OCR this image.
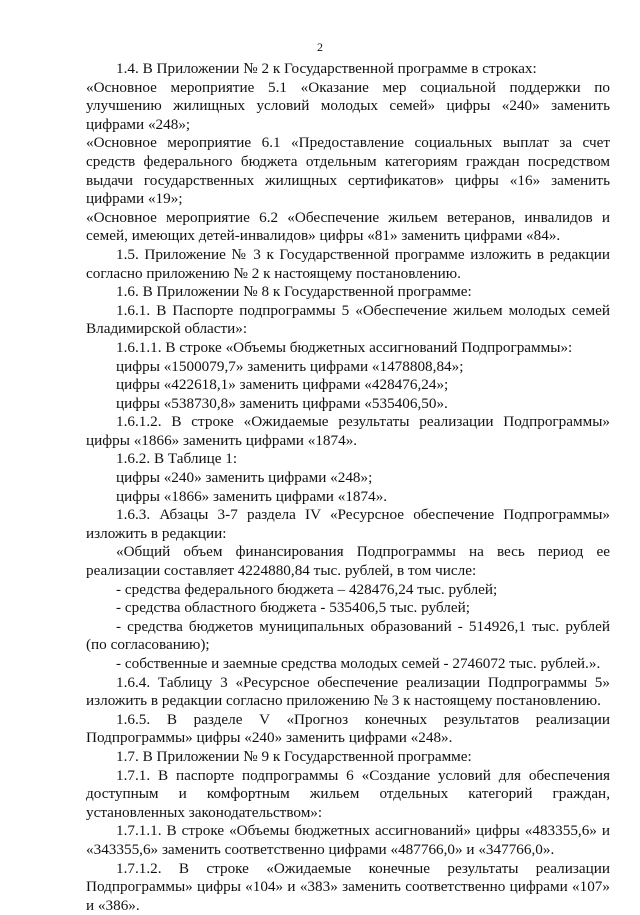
2

1.4. В Приложении № 2 к Государственной программе в строках:

«Основное мероприятие 5.1 «Оказание мер социальной поддержки по улучшению жилищных условий молодых семей» цифры «240» заменить цифрами «248»;

«Основное мероприятие 6.1 «Предоставление социальных выплат за счет средств федерального бюджета отдельным категориям граждан посредством выдачи государственных жилищных сертификатов» цифры «16» заменить цифрами «19»;

«Основное мероприятие 6.2 «Обеспечение жильем ветеранов, инвалидов и семей, имеющих детей-инвалидов» цифры «81» заменить цифрами «84».

1.5. Приложение № 3 к Государственной программе изложить в редакции согласно приложению № 2 к настоящему постановлению.

1.6. В Приложении № 8 к Государственной программе:

1.6.1. В Паспорте подпрограммы 5 «Обеспечение жильем молодых семей Владимирской области»:

1.6.1.1. В строке «Объемы бюджетных ассигнований Подпрограммы»:

цифры «1500079,7» заменить цифрами «1478808,84»;

цифры «422618,1» заменить цифрами «428476,24»;

цифры «538730,8» заменить цифрами «535406,50».

1.6.1.2. В строке «Ожидаемые результаты реализации Подпрограммы» цифры «1866» заменить цифрами «1874».

1.6.2. В Таблице 1:

цифры «240» заменить цифрами «248»;

цифры «1866» заменить цифрами «1874».

1.6.3. Абзацы 3-7 раздела IV «Ресурсное обеспечение Подпрограммы» изложить в редакции:

«Общий объем финансирования Подпрограммы на весь период ее реализации составляет 4224880,84 тыс. рублей, в том числе:

- средства федерального бюджета – 428476,24 тыс. рублей;

- средства областного бюджета - 535406,5 тыс. рублей;

- средства бюджетов муниципальных образований - 514926,1 тыс. рублей (по согласованию);

- собственные и заемные средства молодых семей - 2746072 тыс. рублей.».

1.6.4. Таблицу 3 «Ресурсное обеспечение реализации Подпрограммы 5» изложить в редакции согласно приложению № 3 к настоящему постановлению.

1.6.5. В разделе V «Прогноз конечных результатов реализации Подпрограммы» цифры «240» заменить цифрами «248».

1.7. В Приложении № 9 к Государственной программе:

1.7.1. В паспорте подпрограммы 6 «Создание условий для обеспечения доступным и комфортным жильем отдельных категорий граждан, установленных законодательством»:

1.7.1.1. В строке «Объемы бюджетных ассигнований» цифры «483355,6» и «343355,6» заменить соответственно цифрами «487766,0» и «347766,0».

1.7.1.2. В строке «Ожидаемые конечные результаты реализации Подпрограммы» цифры «104» и «383» заменить соответственно цифрами «107» и «386».
